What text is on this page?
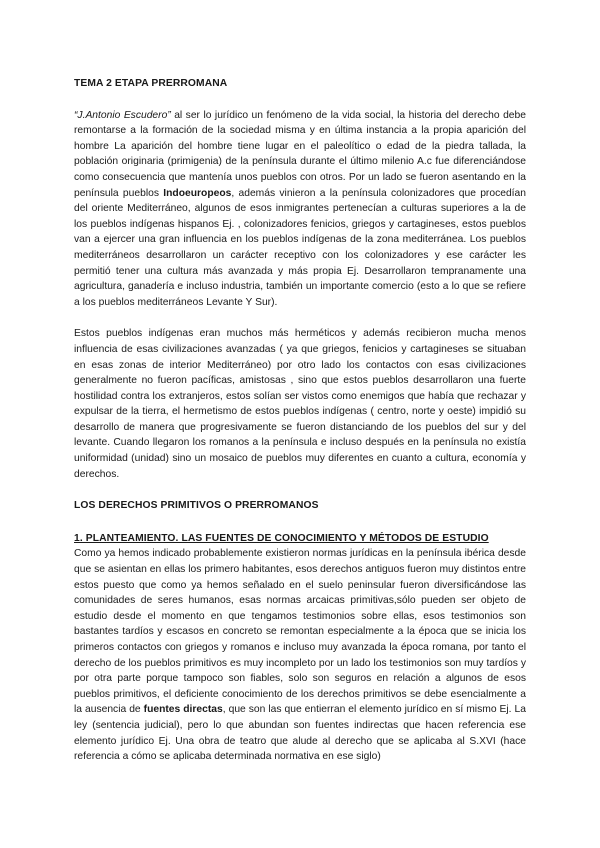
TEMA 2 ETAPA PRERROMANA

“J.Antonio Escudero” al ser lo jurídico un fenómeno de la vida social, la historia del derecho debe remontarse a la formación de la sociedad misma y en última instancia a la propia aparición del hombre La aparición del hombre tiene lugar en el paleolítico o edad de la piedra tallada, la población originaria (primigenia) de la península durante el último milenio A.c fue diferenciándose como consecuencia que mantenía unos pueblos con otros. Por un lado se fueron asentando en la península pueblos Indoeuropeos, además vinieron a la península colonizadores que procedían del oriente Mediterráneo, algunos de esos inmigrantes pertenecían a culturas superiores a la de los pueblos indígenas hispanos Ej. , colonizadores fenicios, griegos y cartagineses, estos pueblos van a ejercer una gran influencia en los pueblos indígenas de la zona mediterránea. Los pueblos mediterráneos desarrollaron un carácter receptivo con los colonizadores y ese carácter les permitió tener una cultura más avanzada y más propia Ej. Desarrollaron tempranamente una agricultura, ganadería e incluso industria, también un importante comercio (esto a lo que se refiere a los pueblos mediterráneos Levante Y Sur).

Estos pueblos indígenas eran muchos más herméticos y además recibieron mucha menos influencia de esas civilizaciones avanzadas ( ya que griegos, fenicios y cartagineses se situaban en esas zonas de interior Mediterráneo) por otro lado los contactos con esas civilizaciones generalmente no fueron pacíficas, amistosas , sino que estos pueblos desarrollaron una fuerte hostilidad contra los extranjeros, estos solían ser vistos como enemigos que había que rechazar y expulsar de la tierra, el hermetismo de estos pueblos indígenas ( centro, norte y oeste) impidió su desarrollo de manera que progresivamente se fueron distanciando de los pueblos del sur y del levante. Cuando llegaron los romanos a la península e incluso después en la península no existía uniformidad (unidad) sino un mosaico de pueblos muy diferentes en cuanto a cultura, economía y derechos.

LOS DERECHOS PRIMITIVOS O PRERROMANOS
1. PLANTEAMIENTO. LAS FUENTES DE CONOCIMIENTO Y MÉTODOS DE ESTUDIO

Como ya hemos indicado probablemente existieron normas jurídicas en la península ibérica desde que se asientan en ellas los primero habitantes, esos derechos antiguos fueron muy distintos entre estos puesto que como ya hemos señalado en el suelo peninsular fueron diversificándose las comunidades de seres humanos, esas normas arcaicas primitivas,sólo pueden ser objeto de estudio desde el momento en que tengamos testimonios sobre ellas, esos testimonios son bastantes tardíos y escasos en concreto se remontan especialmente a la época que se inicia los primeros contactos con griegos y romanos e incluso muy avanzada la época romana, por tanto el derecho de los pueblos primitivos es muy incompleto por un lado los testimonios son muy tardíos y por otra parte porque tampoco son fiables, solo son seguros en relación a algunos de esos pueblos primitivos, el deficiente conocimiento de los derechos primitivos se debe esencialmente a la ausencia de fuentes directas, que son las que entierran el elemento jurídico en sí mismo Ej. La ley (sentencia judicial), pero lo que abundan son fuentes indirectas que hacen referencia ese elemento jurídico Ej. Una obra de teatro que alude al derecho que se aplicaba al S.XVI (hace referencia a cómo se aplicaba determinada normativa en ese siglo)
